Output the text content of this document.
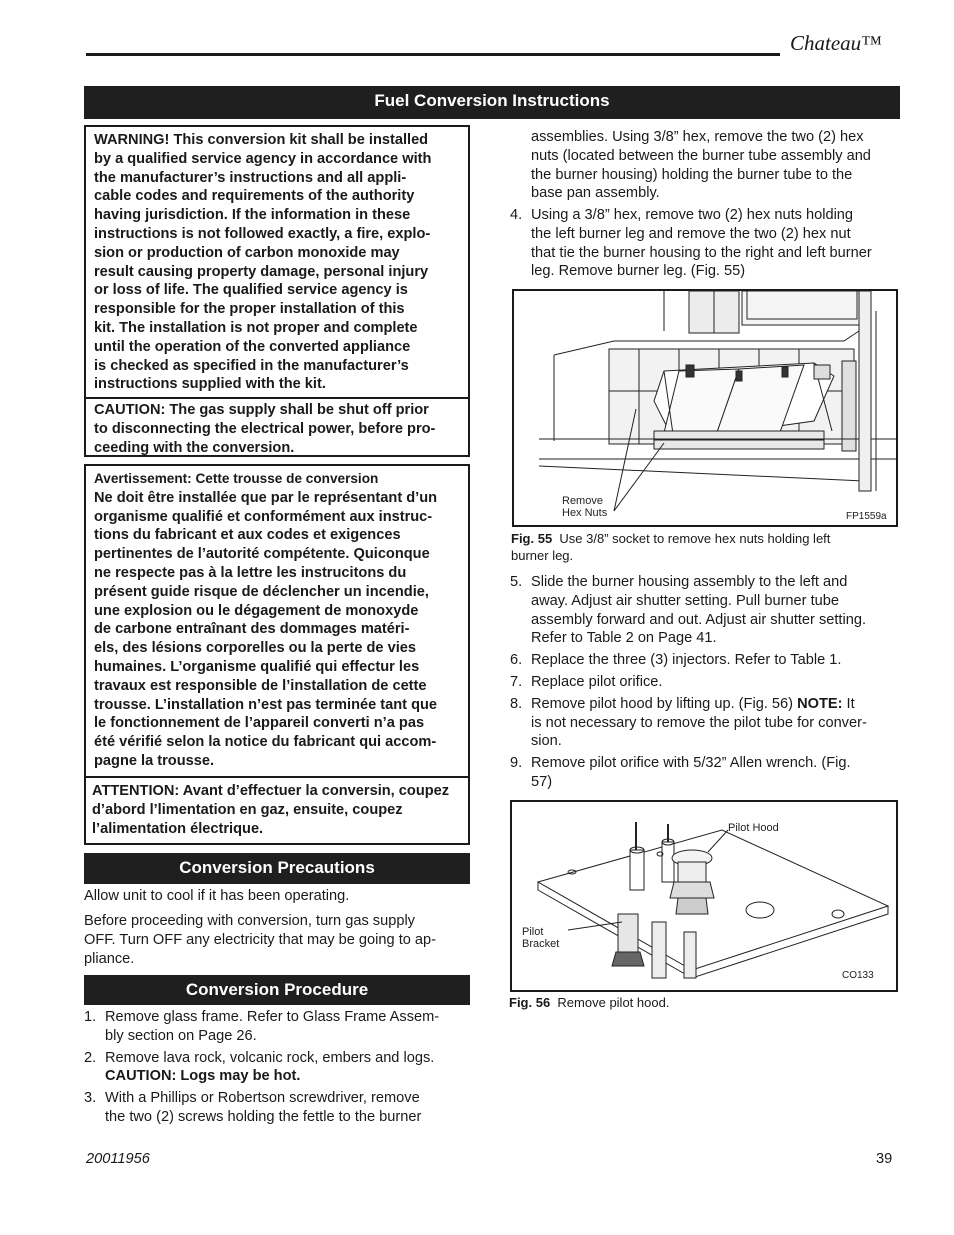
Chateau™
Fuel Conversion Instructions
WARNING! This conversion kit shall be installed
by a qualified service agency in accordance with
the manufacturer’s instructions and all appli-
cable codes and requirements of the authority
having jurisdiction. If the information in these
instructions is not followed exactly, a fire, explo-
sion or production of carbon monoxide may
result causing property damage, personal injury
or loss of life. The qualified service agency is
responsible for the proper installation of this
kit. The installation is not proper and complete
until the operation of the converted appliance
is checked as specified in the manufacturer’s
instructions supplied with the kit.
CAUTION: The gas supply shall be shut off prior
to disconnecting the electrical power, before pro-
ceeding with the conversion.
Avertissement: Cette trousse de conversion
Ne doit être installée que par le représentant d’un
organisme qualifié et conformément aux instruc-
tions du fabricant et aux codes et exigences
pertinentes de l’autorité compétente. Quiconque
ne respecte pas à la lettre les instrucitons du
présent guide risque de déclencher un incendie,
une explosion ou le dégagement de monoxyde
de carbone entraînant des dommages matéri-
els, des lésions corporelles ou la perte de vies
humaines. L’organisme qualifié qui effectur les
travaux est responsible de l’installation de cette
trousse. L’installation n’est pas terminée tant que
le fonctionnement de l’appareil converti n’a pas
été vérifié selon la notice du fabricant qui accom-
pagne la trousse.
ATTENTION: Avant d’effectuer la conversin, coupez
d’abord l’limentation en gaz, ensuite, coupez
l’alimentation électrique.
Conversion Precautions
Allow unit to cool if it has been operating.
Before proceeding with conversion, turn gas supply
OFF. Turn OFF any electricity that may be going to ap-
pliance.
Conversion Procedure
1. Remove glass frame. Refer to Glass Frame Assem-
bly section on Page 26.
2. Remove lava rock, volcanic rock, embers and logs.
CAUTION: Logs may be hot.
3. With a Phillips or Robertson screwdriver, remove
the two (2) screws holding the fettle to the burner
assemblies. Using 3/8” hex, remove the two (2) hex
nuts (located between the burner tube assembly and
the burner housing) holding the burner tube to the
base pan assembly.
4. Using a 3/8” hex, remove two (2) hex nuts holding
the left burner leg and remove the two (2) hex nut
that tie the burner housing to the right and left burner
leg. Remove burner leg. (Fig. 55)
Remove
Hex Nuts	FP1559a
Fig. 55 Use 3/8” socket to remove hex nuts holding left
burner leg.
5. Slide the burner housing assembly to the left and
away. Adjust air shutter setting. Pull burner tube
assembly forward and out. Adjust air shutter setting.
Refer to Table 2 on Page 41.
6. Replace the three (3) injectors. Refer to Table 1.
7. Replace pilot orifice.
8. Remove pilot hood by lifting up. (Fig. 56) NOTE: It
is not necessary to remove the pilot tube for conver-
sion.
9. Remove pilot orifice with 5/32” Allen wrench. (Fig.
57)
Pilot Hood
Pilot
Bracket
CO133
Fig. 56 Remove pilot hood.
20011956	39
